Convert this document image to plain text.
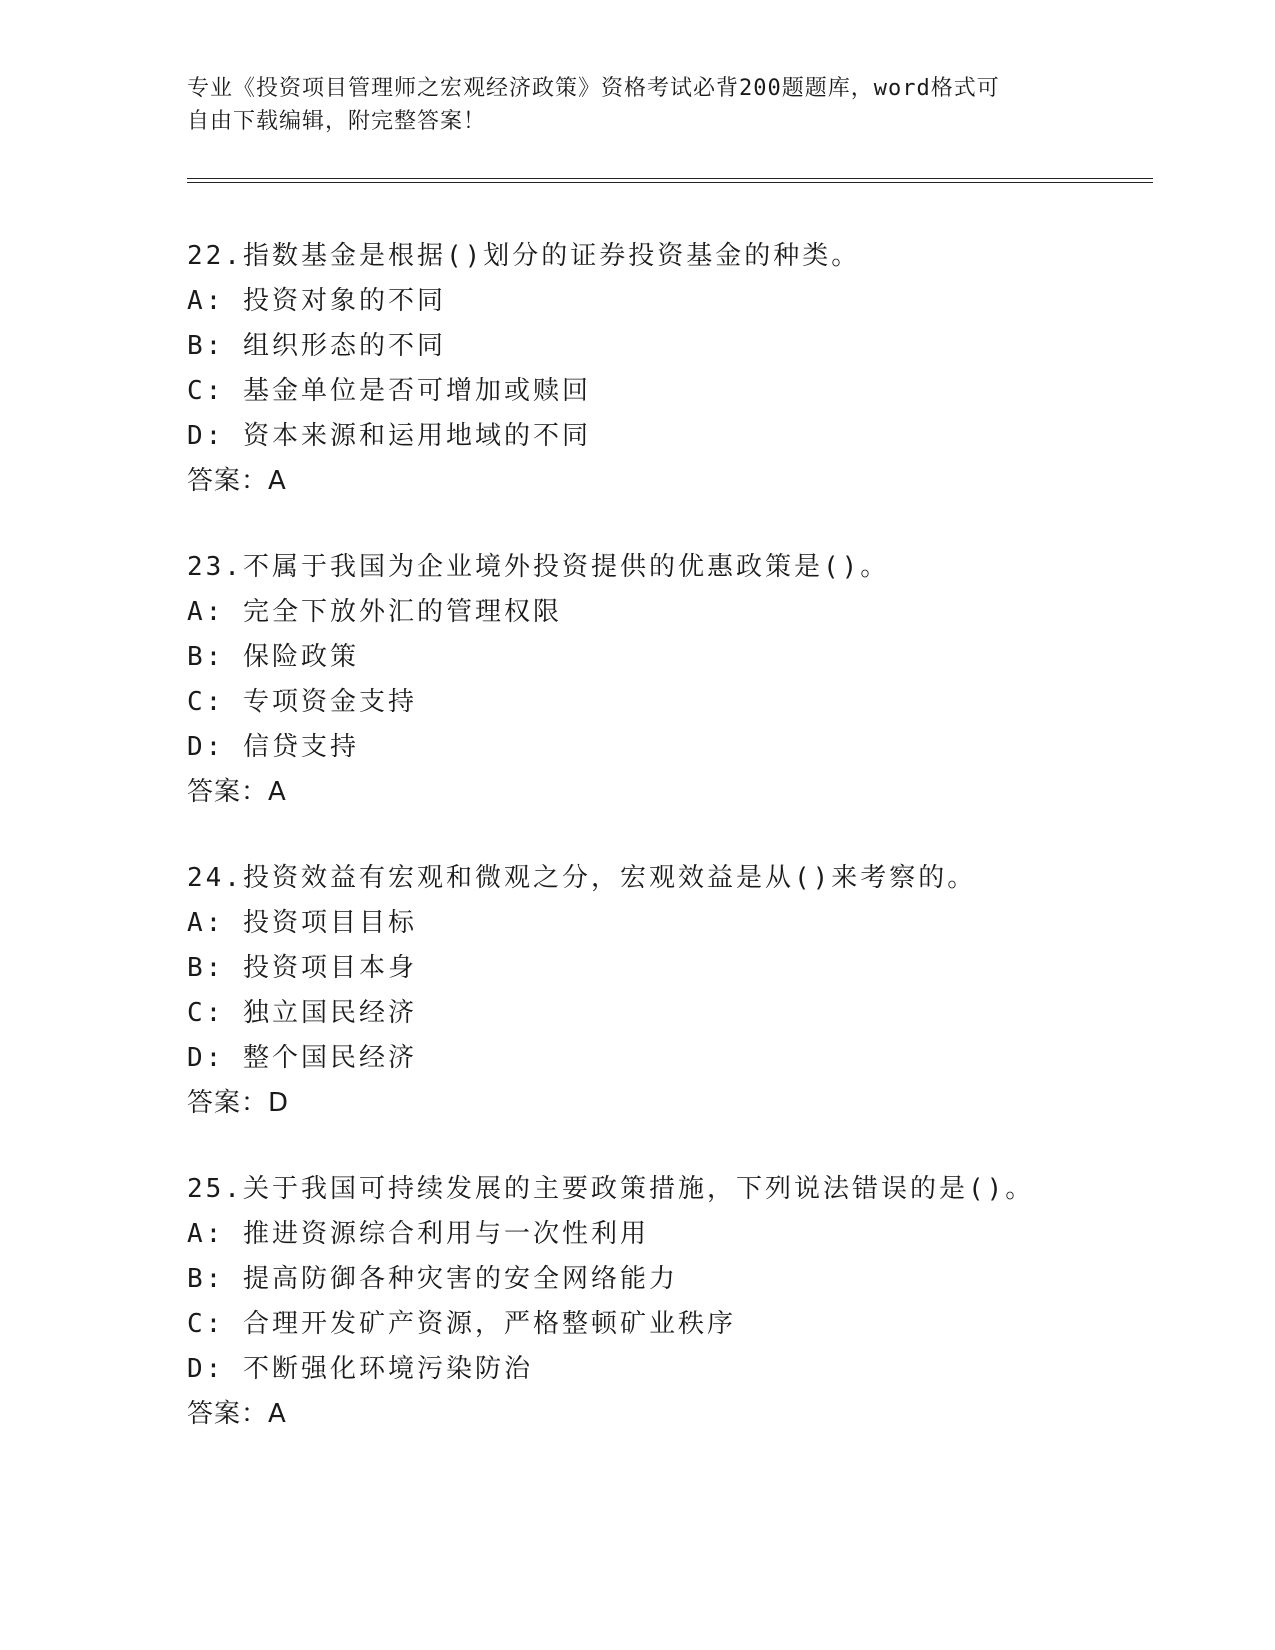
专业《投资项目管理师之宏观经济政策》资格考试必背200题题库，word格式可
自由下载编辑，附完整答案！
22.指数基金是根据()划分的证券投资基金的种类。
A: 投资对象的不同
B: 组织形态的不同
C: 基金单位是否可增加或赎回
D: 资本来源和运用地域的不同
答案：A
23.不属于我国为企业境外投资提供的优惠政策是()。
A: 完全下放外汇的管理权限
B: 保险政策
C: 专项资金支持
D: 信贷支持
答案：A
24.投资效益有宏观和微观之分，宏观效益是从()来考察的。
A: 投资项目目标
B: 投资项目本身
C: 独立国民经济
D: 整个国民经济
答案：D
25.关于我国可持续发展的主要政策措施，下列说法错误的是()。
A: 推进资源综合利用与一次性利用
B: 提高防御各种灾害的安全网络能力
C: 合理开发矿产资源，严格整顿矿业秩序
D: 不断强化环境污染防治
答案：A
